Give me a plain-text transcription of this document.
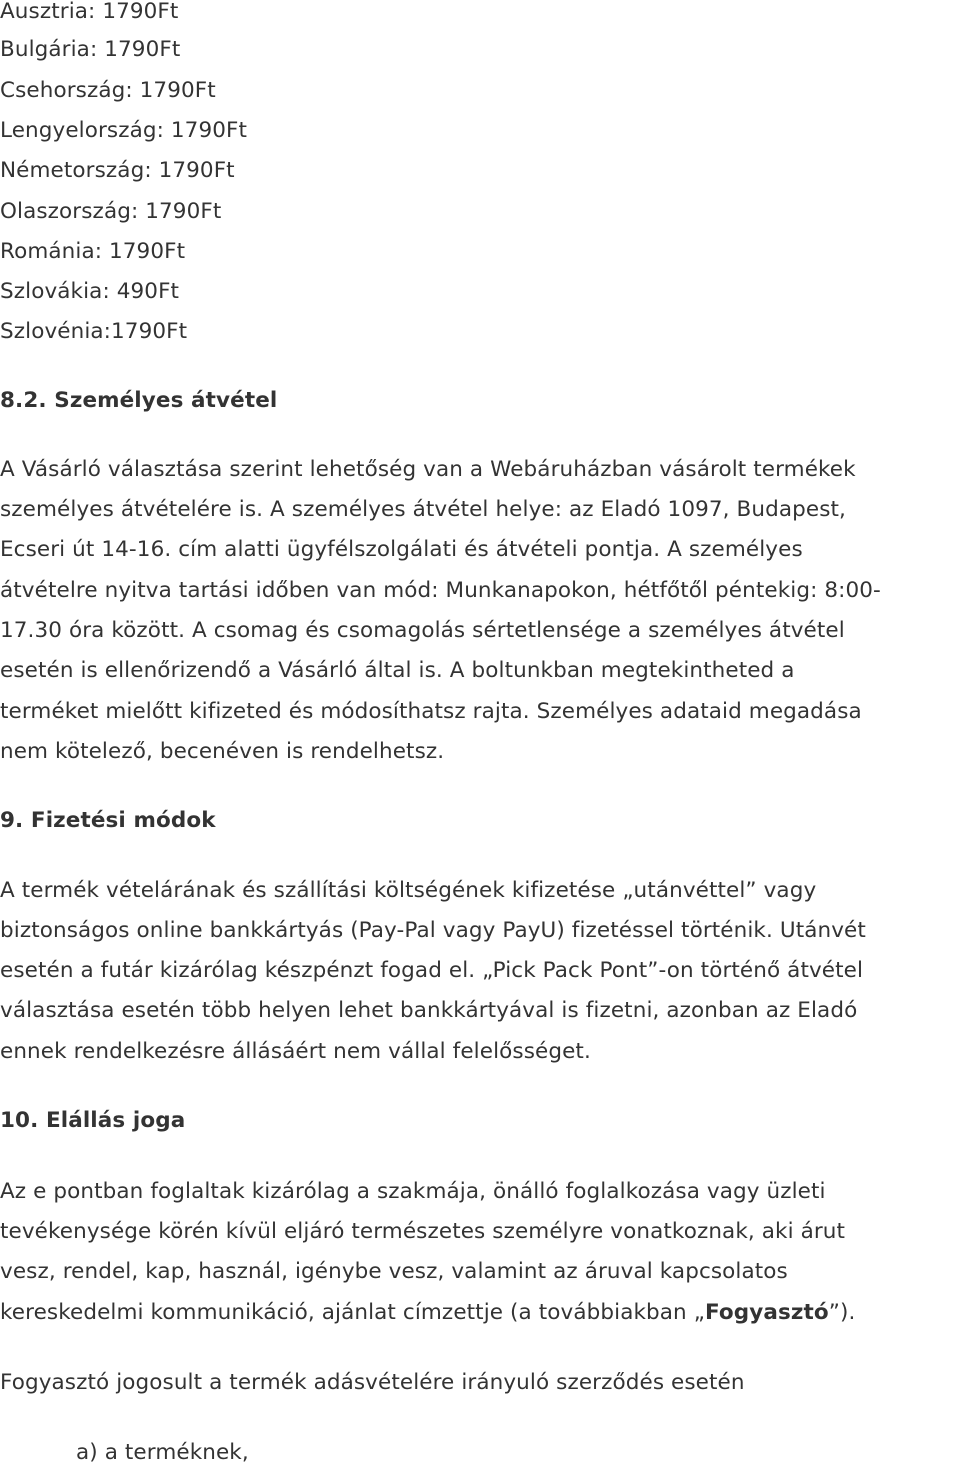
Ausztria: 1790Ft
Bulgária: 1790Ft
Csehország: 1790Ft
Lengyelország: 1790Ft
Németország: 1790Ft
Olaszország: 1790Ft
Románia: 1790Ft
Szlovákia: 490Ft
Szlovénia:1790Ft
8.2. Személyes átvétel
A Vásárló választása szerint lehetőség van a Webáruházban vásárolt termékek
személyes átvételére is. A személyes átvétel helye: az Eladó 1097, Budapest,
Ecseri út 14-16. cím alatti ügyfélszolgálati és átvételi pontja. A személyes
átvételre nyitva tartási időben van mód: Munkanapokon, hétfőtől péntekig: 8:00-
17.30 óra között. A csomag és csomagolás sértetlensége a személyes átvétel
esetén is ellenőrizendő a Vásárló által is. A boltunkban megtekintheted a
terméket mielőtt kifizeted és módosíthatsz rajta. Személyes adataid megadása
nem kötelező, becenéven is rendelhetsz.
9. Fizetési módok
A termék vételárának és szállítási költségének kifizetése „utánvéttel” vagy
biztonságos online bankkártyás (Pay-Pal vagy PayU) fizetéssel történik. Utánvét
esetén a futár kizárólag készpénzt fogad el. „Pick Pack Pont”-on történő átvétel
választása esetén több helyen lehet bankkártyával is fizetni, azonban az Eladó
ennek rendelkezésre állásáért nem vállal felelősséget.
10. Elállás joga
Az e pontban foglaltak kizárólag a szakmája, önálló foglalkozása vagy üzleti
tevékenysége körén kívül eljáró természetes személyre vonatkoznak, aki árut
vesz, rendel, kap, használ, igénybe vesz, valamint az áruval kapcsolatos
kereskedelmi kommunikáció, ajánlat címzettje (a továbbiakban „Fogyasztó”).
Fogyasztó jogosult a termék adásvételére irányuló szerződés esetén
a) a terméknek,
